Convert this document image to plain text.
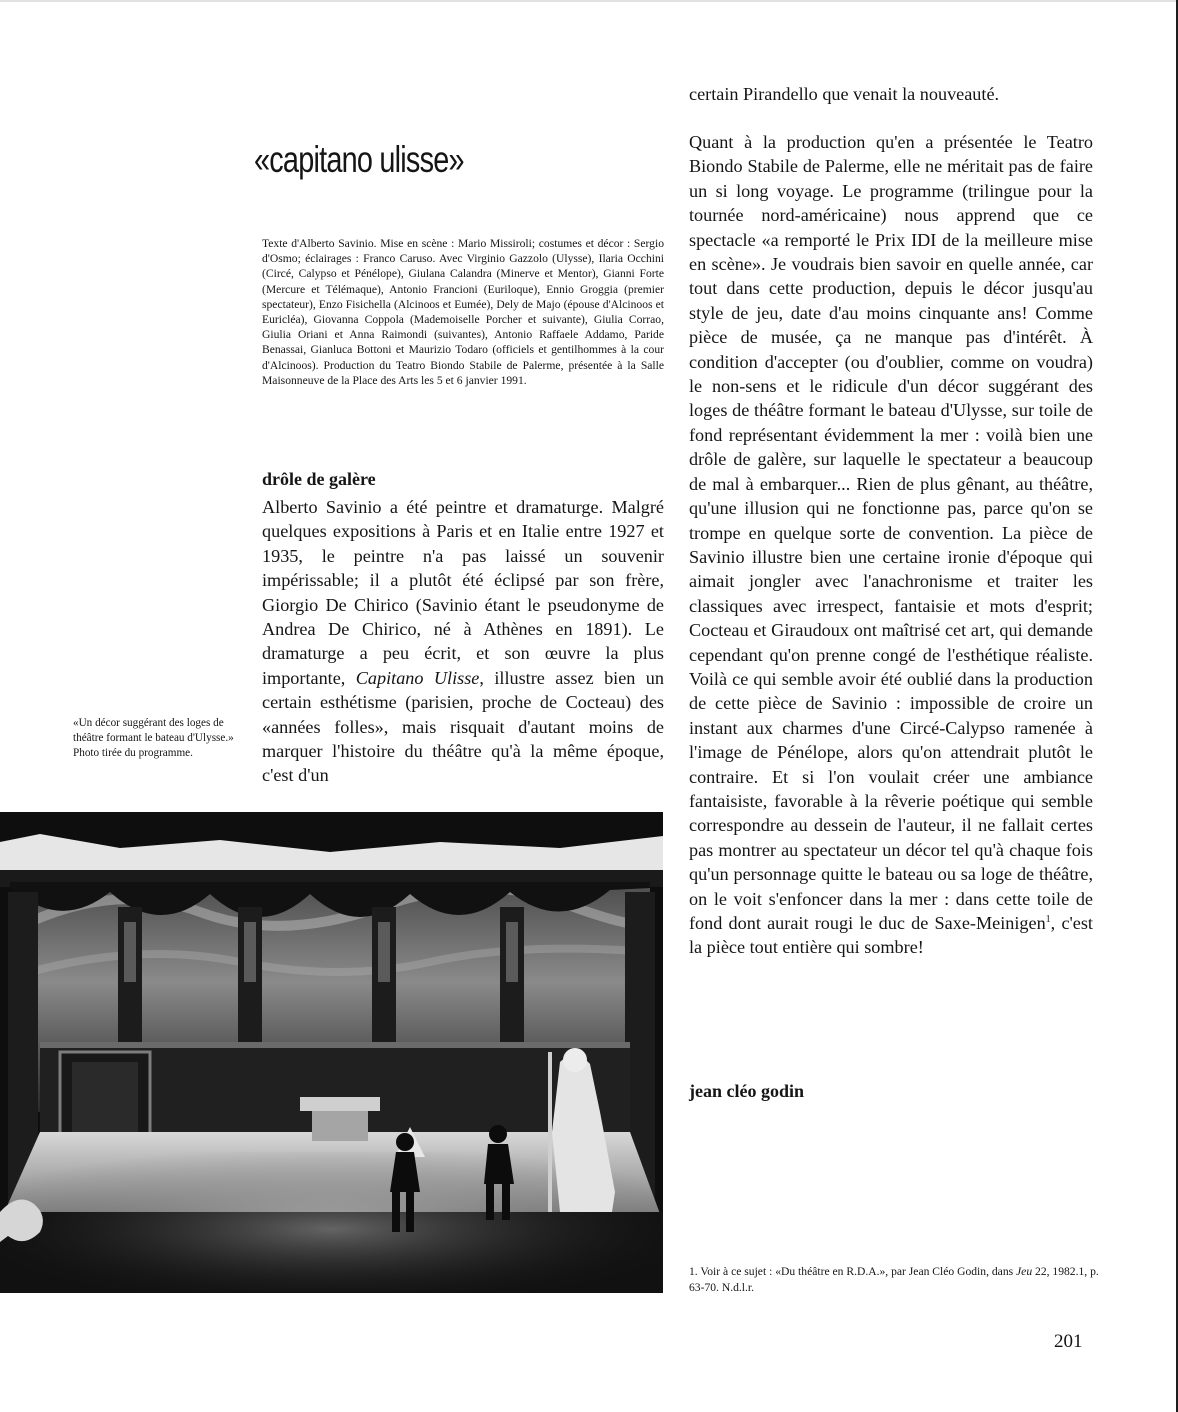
«capitano ulisse»

Texte d'Alberto Savinio. Mise en scène : Mario Missiroli; costumes et décor : Sergio d'Osmo; éclairages : Franco Caruso. Avec Virginio Gazzolo (Ulysse), Ilaria Occhini (Circé, Calypso et Pénélope), Giulana Calandra (Minerve et Mentor), Gianni Forte (Mercure et Télémaque), Antonio Francioni (Euriloque), Ennio Groggia (premier spectateur), Enzo Fisichella (Alcinoos et Eumée), Dely de Majo (épouse d'Alcinoos et Euricléa), Giovanna Coppola (Mademoiselle Porcher et suivante), Giulia Corrao, Giulia Oriani et Anna Raimondi (suivantes), Antonio Raffaele Addamo, Paride Benassai, Gianluca Bottoni et Maurizio Todaro (officiels et gentilhommes à la cour d'Alcinoos). Production du Teatro Biondo Stabile de Palerme, présentée à la Salle Maisonneuve de la Place des Arts les 5 et 6 janvier 1991.

drôle de galère

Alberto Savinio a été peintre et dramaturge. Malgré quelques expositions à Paris et en Italie entre 1927 et 1935, le peintre n'a pas laissé un souvenir impérissable; il a plutôt été éclipsé par son frère, Giorgio De Chirico (Savinio étant le pseudonyme de Andrea De Chirico, né à Athènes en 1891). Le dramaturge a peu écrit, et son œuvre la plus importante, Capitano Ulisse, illustre assez bien un certain esthétisme (parisien, proche de Cocteau) des «années folles», mais risquait d'autant moins de marquer l'histoire du théâtre qu'à la même époque, c'est d'un

«Un décor suggérant des loges de théâtre formant le bateau d'Ulysse.» Photo tirée du programme.

certain Pirandello que venait la nouveauté.

Quant à la production qu'en a présentée le Teatro Biondo Stabile de Palerme, elle ne méritait pas de faire un si long voyage. Le programme (trilingue pour la tournée nord-américaine) nous apprend que ce spectacle «a remporté le Prix IDI de la meilleure mise en scène». Je voudrais bien savoir en quelle année, car tout dans cette production, depuis le décor jusqu'au style de jeu, date d'au moins cinquante ans! Comme pièce de musée, ça ne manque pas d'intérêt. À condition d'accepter (ou d'oublier, comme on voudra) le non-sens et le ridicule d'un décor suggérant des loges de théâtre formant le bateau d'Ulysse, sur toile de fond représentant évidemment la mer : voilà bien une drôle de galère, sur laquelle le spectateur a beaucoup de mal à embarquer... Rien de plus gênant, au théâtre, qu'une illusion qui ne fonctionne pas, parce qu'on se trompe en quelque sorte de convention. La pièce de Savinio illustre bien une certaine ironie d'époque qui aimait jongler avec l'anachronisme et traiter les classiques avec irrespect, fantaisie et mots d'esprit; Cocteau et Giraudoux ont maîtrisé cet art, qui demande cependant qu'on prenne congé de l'esthétique réaliste. Voilà ce qui semble avoir été oublié dans la production de cette pièce de Savinio : impossible de croire un instant aux charmes d'une Circé-Calypso ramenée à l'image de Pénélope, alors qu'on attendrait plutôt le contraire. Et si l'on voulait créer une ambiance fantaisiste, favorable à la rêverie poétique qui semble correspondre au dessein de l'auteur, il ne fallait certes pas montrer au spectateur un décor tel qu'à chaque fois qu'un personnage quitte le bateau ou sa loge de théâtre, on le voit s'enfoncer dans la mer : dans cette toile de fond dont aurait rougi le duc de Saxe-Meinigen$^1$, c'est la pièce tout entière qui sombre!

jean cléo godin

1. Voir à ce sujet : «Du théâtre en R.D.A.», par Jean Cléo Godin, dans Jeu 22, 1982.1, p. 63-70. N.d.l.r.

201
